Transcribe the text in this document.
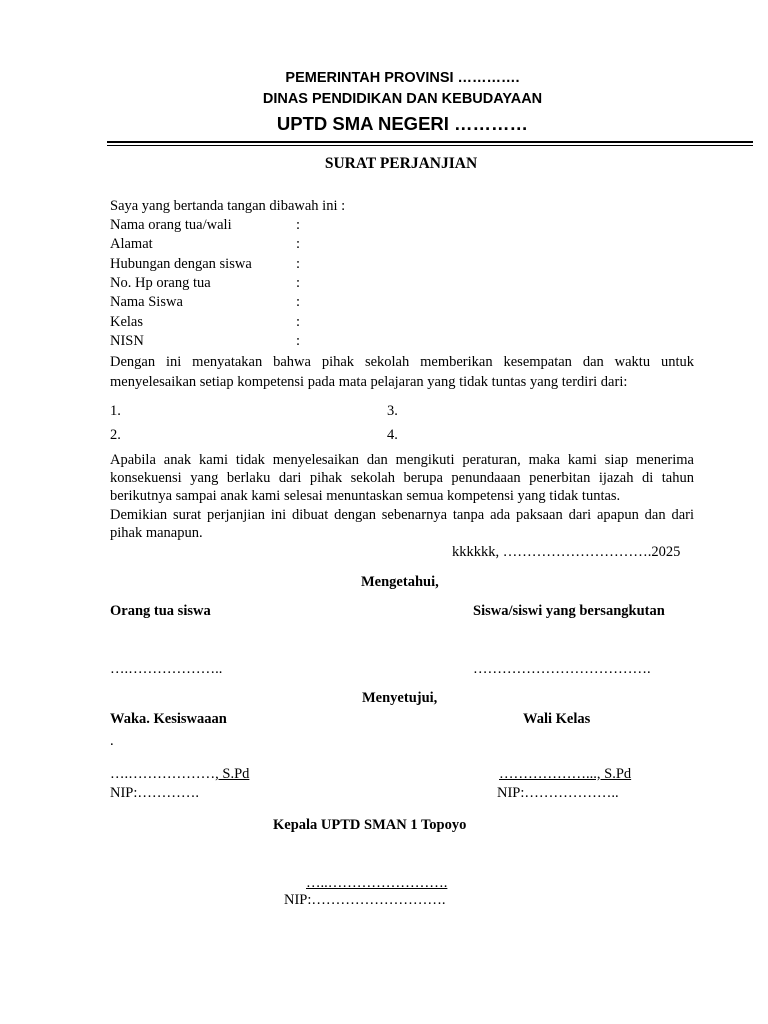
PEMERINTAH PROVINSI ………….
DINAS PENDIDIKAN DAN KEBUDAYAAN
UPTD SMA NEGERI …………
SURAT PERJANJIAN
Saya yang bertanda tangan dibawah ini :
Nama orang tua/wali	:
Alamat	:
Hubungan dengan siswa	:
No. Hp orang tua	:
Nama Siswa	:
Kelas	:
NISN	:
Dengan ini menyatakan bahwa pihak sekolah memberikan kesempatan dan waktu untuk menyelesaikan setiap kompetensi pada mata pelajaran yang tidak tuntas yang terdiri dari:
1.
2.
3.
4.
Apabila anak kami tidak menyelesaikan dan mengikuti peraturan, maka kami siap menerima konsekuensi yang berlaku dari pihak sekolah berupa penundaaan penerbitan ijazah di tahun berikutnya sampai anak kami selesai menuntaskan semua kompetensi yang tidak tuntas.
Demikian surat perjanjian ini dibuat dengan sebenarnya tanpa ada paksaan dari apapun dan dari pihak manapun.
kkkkkk, ………………………….2025
Mengetahui,
Orang tua siswa	Siswa/siswi yang bersangkutan
….………………..	……………………………….
Menyetujui,
Waka. Kesiswaaan	Wali Kelas
.
….………………, S.Pd	………………..., S.Pd
NIP:………….	NIP:………………..
Kepala UPTD SMAN 1 Topoyo
…..…………………….
NIP:……………………….
